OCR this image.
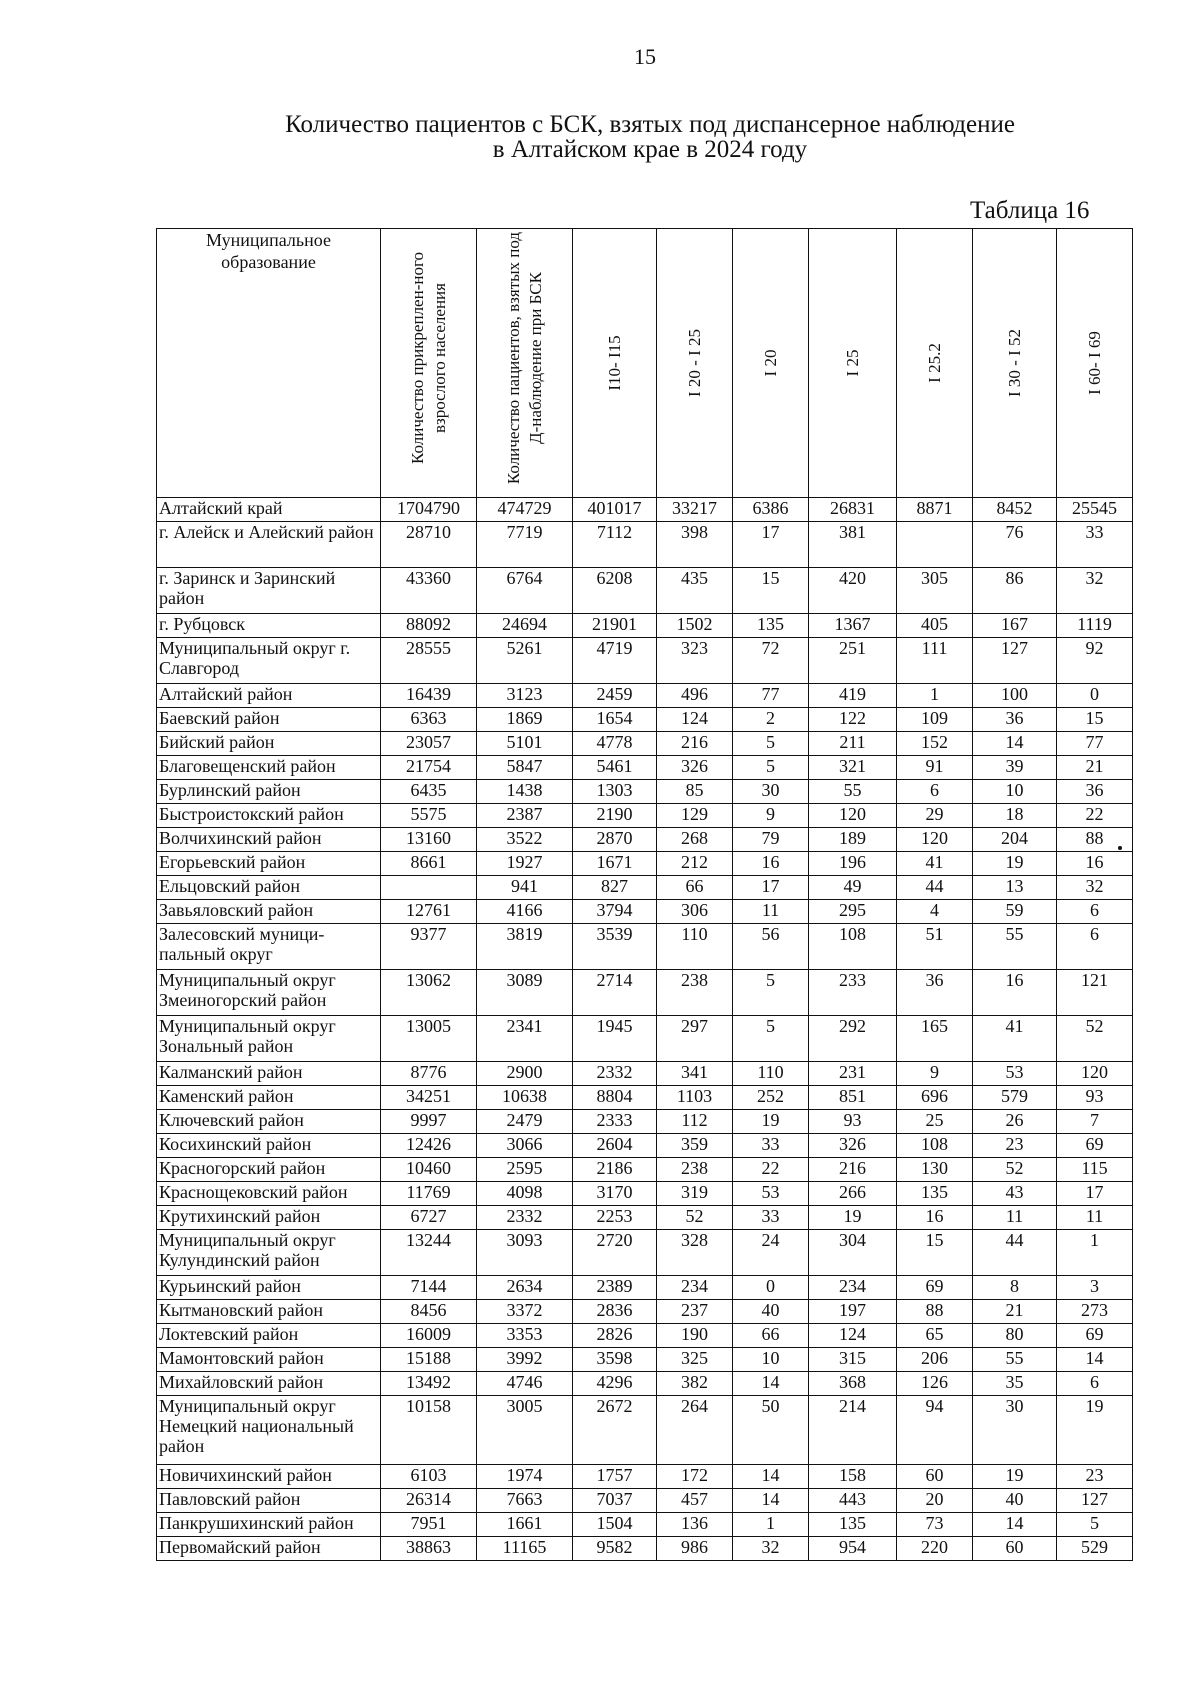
15
Количество пациентов с БСК, взятых под диспансерное наблюдение
в Алтайском крае в 2024 году
Таблица 16
Муниципальное образование	Количество прикреплен-ного взрослого населения	Количество пациентов, взятых под Д-наблюдение при БСК	I10- I15	I 20 - I 25	I 20	I 25	I 25.2	I 30 - I 52	I 60- I 69

Алтайский край	1704790	474729	401017	33217	6386	26831	8871	8452	25545
г. Алейск и Алейский район	28710	7719	7112	398	17	381		76	33
г. Заринск и Заринский район	43360	6764	6208	435	15	420	305	86	32
г. Рубцовск	88092	24694	21901	1502	135	1367	405	167	1119
Муниципальный округ г. Славгород	28555	5261	4719	323	72	251	111	127	92
Алтайский район	16439	3123	2459	496	77	419	1	100	0
Баевский район	6363	1869	1654	124	2	122	109	36	15
Бийский район	23057	5101	4778	216	5	211	152	14	77
Благовещенский район	21754	5847	5461	326	5	321	91	39	21
Бурлинский район	6435	1438	1303	85	30	55	6	10	36
Быстроистокский район	5575	2387	2190	129	9	120	29	18	22
Волчихинский район	13160	3522	2870	268	79	189	120	204	88
Егорьевский район	8661	1927	1671	212	16	196	41	19	16
Ельцовский район		941	827	66	17	49	44	13	32
Завьяловский район	12761	4166	3794	306	11	295	4	59	6
Залесовский муници-пальный округ	9377	3819	3539	110	56	108	51	55	6
Муниципальный округ Змеиногорский район	13062	3089	2714	238	5	233	36	16	121
Муниципальный округ Зональный район	13005	2341	1945	297	5	292	165	41	52
Калманский район	8776	2900	2332	341	110	231	9	53	120
Каменский район	34251	10638	8804	1103	252	851	696	579	93
Ключевский район	9997	2479	2333	112	19	93	25	26	7
Косихинский район	12426	3066	2604	359	33	326	108	23	69
Красногорский район	10460	2595	2186	238	22	216	130	52	115
Краснощековский район	11769	4098	3170	319	53	266	135	43	17
Крутихинский район	6727	2332	2253	52	33	19	16	11	11
Муниципальный округ Кулундинский район	13244	3093	2720	328	24	304	15	44	1
Курьинский район	7144	2634	2389	234	0	234	69	8	3
Кытмановский район	8456	3372	2836	237	40	197	88	21	273
Локтевский район	16009	3353	2826	190	66	124	65	80	69
Мамонтовский район	15188	3992	3598	325	10	315	206	55	14
Михайловский район	13492	4746	4296	382	14	368	126	35	6
Муниципальный округ Немецкий национальный район	10158	3005	2672	264	50	214	94	30	19
Новичихинский район	6103	1974	1757	172	14	158	60	19	23
Павловский район	26314	7663	7037	457	14	443	20	40	127
Панкрушихинский район	7951	1661	1504	136	1	135	73	14	5
Первомайский район	38863	11165	9582	986	32	954	220	60	529
